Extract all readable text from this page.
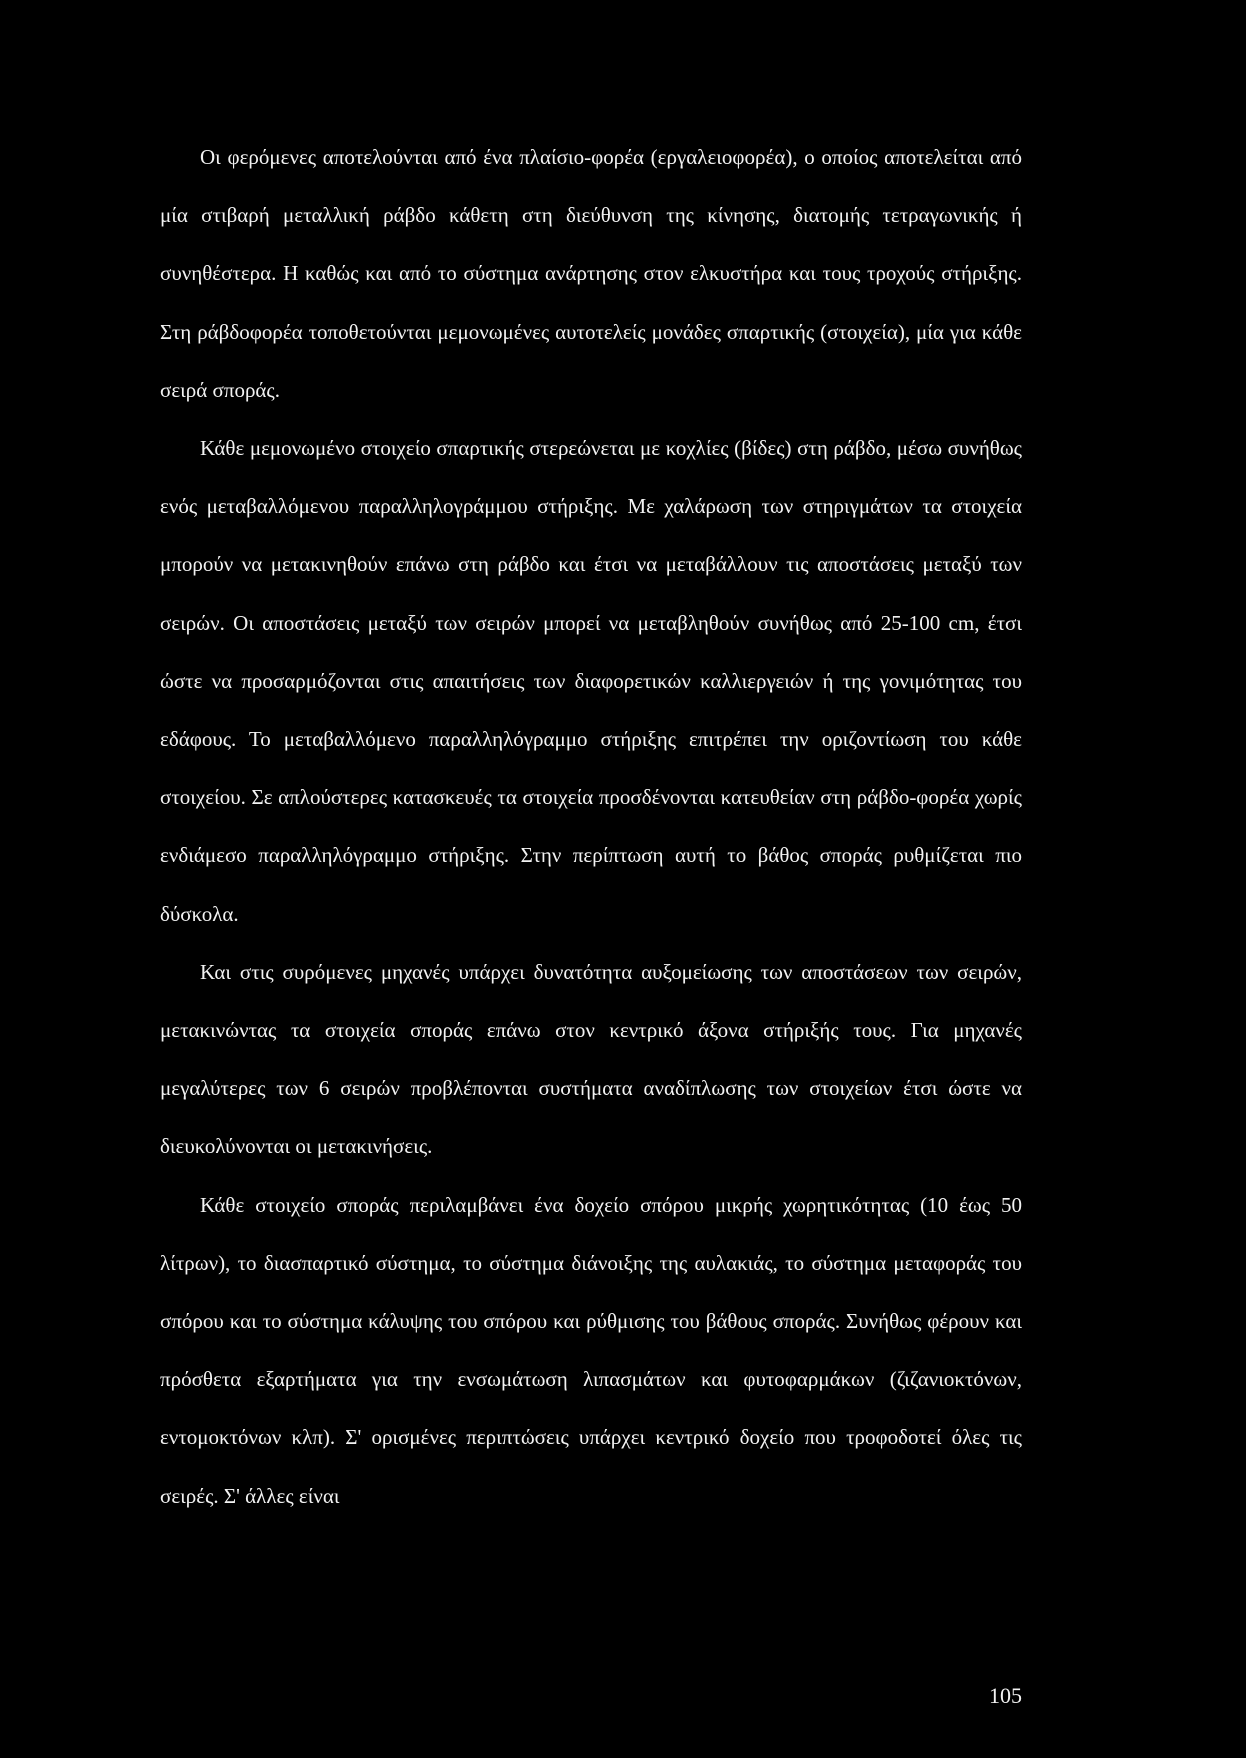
Οι φερόμενες αποτελούνται από ένα πλαίσιο-φορέα (εργαλειοφορέα), ο οποίος αποτελείται από μία στιβαρή μεταλλική ράβδο κάθετη στη διεύθυνση της κίνησης, διατομής τετραγωνικής ή συνηθέστερα. Η καθώς και από το σύστημα ανάρτησης στον ελκυστήρα και τους τροχούς στήριξης. Στη ράβδοφορέα τοποθετούνται μεμονωμένες αυτοτελείς μονάδες σπαρτικής (στοιχεία), μία για κάθε σειρά σποράς.

Κάθε μεμονωμένο στοιχείο σπαρτικής στερεώνεται με κοχλίες (βίδες) στη ράβδο, μέσω συνήθως ενός μεταβαλλόμενου παραλληλογράμμου στήριξης. Με χαλάρωση των στηριγμάτων τα στοιχεία μπορούν να μετακινηθούν επάνω στη ράβδο και έτσι να μεταβάλλουν τις αποστάσεις μεταξύ των σειρών. Οι αποστάσεις μεταξύ των σειρών μπορεί να μεταβληθούν συνήθως από 25-100 cm, έτσι ώστε να προσαρμόζονται στις απαιτήσεις των διαφορετικών καλλιεργειών ή της γονιμότητας του εδάφους. Το μεταβαλλόμενο παραλληλόγραμμο στήριξης επιτρέπει την οριζοντίωση του κάθε στοιχείου. Σε απλούστερες κατασκευές τα στοιχεία προσδένονται κατευθείαν στη ράβδο-φορέα χωρίς ενδιάμεσο παραλληλόγραμμο στήριξης. Στην περίπτωση αυτή το βάθος σποράς ρυθμίζεται πιο δύσκολα.

Και στις συρόμενες μηχανές υπάρχει δυνατότητα αυξομείωσης των αποστάσεων των σειρών, μετακινώντας τα στοιχεία σποράς επάνω στον κεντρικό άξονα στήριξής τους. Για μηχανές μεγαλύτερες των 6 σειρών προβλέπονται συστήματα αναδίπλωσης των στοιχείων έτσι ώστε να διευκολύνονται οι μετακινήσεις.

Κάθε στοιχείο σποράς περιλαμβάνει ένα δοχείο σπόρου μικρής χωρητικότητας (10 έως 50 λίτρων), το διασπαρτικό σύστημα, το σύστημα διάνοιξης της αυλακιάς, το σύστημα μεταφοράς του σπόρου και το σύστημα κάλυψης του σπόρου και ρύθμισης του βάθους σποράς. Συνήθως φέρουν και πρόσθετα εξαρτήματα για την ενσωμάτωση λιπασμάτων και φυτοφαρμάκων (ζιζανιοκτόνων, εντομοκτόνων κλπ). Σ' ορισμένες περιπτώσεις υπάρχει κεντρικό δοχείο που τροφοδοτεί όλες τις σειρές. Σ' άλλες είναι

105
